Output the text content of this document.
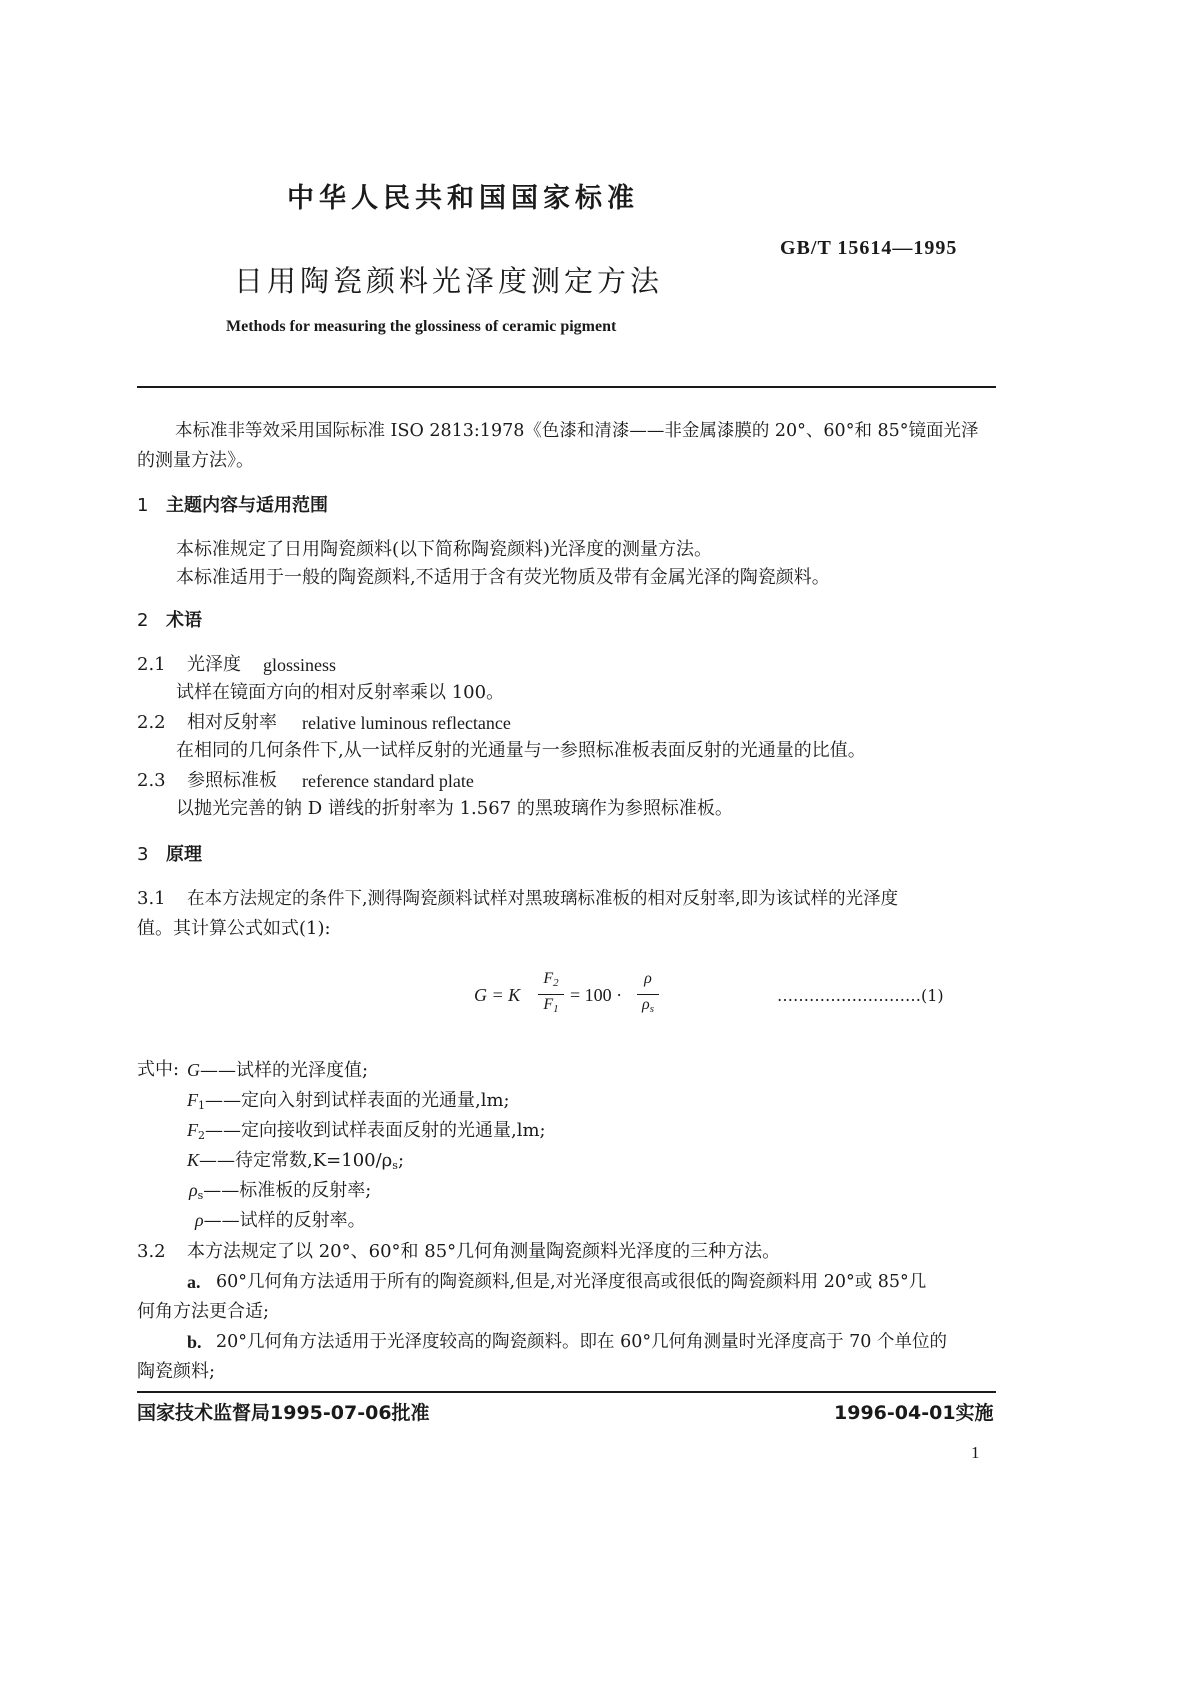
中华人民共和国国家标准
GB/T 15614—1995
日用陶瓷颜料光泽度测定方法
Methods for measuring the glossiness of ceramic pigment
本标准非等效采用国际标准 ISO 2813:1978《色漆和清漆——非金属漆膜的 20°、60°和 85°镜面光泽
的测量方法》。
1 主题内容与适用范围
本标准规定了日用陶瓷颜料(以下简称陶瓷颜料)光泽度的测量方法。
本标准适用于一般的陶瓷颜料,不适用于含有荧光物质及带有金属光泽的陶瓷颜料。
2 术语
2.1 光泽度 glossiness
试样在镜面方向的相对反射率乘以 100。
2.2 相对反射率 relative luminous reflectance
在相同的几何条件下,从一试样反射的光通量与一参照标准板表面反射的光通量的比值。
2.3 参照标准板 reference standard plate
以抛光完善的钠 D 谱线的折射率为 1.567 的黑玻璃作为参照标准板。
3 原理
3.1 在本方法规定的条件下,测得陶瓷颜料试样对黑玻璃标准板的相对反射率,即为该试样的光泽度
值。其计算公式如式(1):
G = K
$F_2$
$F_1$
= 100 ·
ρ
$\rho_s$
………………………(1)
式中: G——试样的光泽度值;
$F_1——$定向入射到试样表面的光通量,lm;
$F_2——$定向接收到试样表面反射的光通量,lm;
K——待定常数$,K=100/\rho_s$;
$\rho_s——$标准板的反射率;
ρ——试样的反射率。
3.2 本方法规定了以 20°、60°和 85°几何角测量陶瓷颜料光泽度的三种方法。
a. 60°几何角方法适用于所有的陶瓷颜料,但是,对光泽度很高或很低的陶瓷颜料用 20°或 85°几
何角方法更合适;
b. 20°几何角方法适用于光泽度较高的陶瓷颜料。即在 60°几何角测量时光泽度高于 70 个单位的
陶瓷颜料;
国家技术监督局1995-07-06批准	1996-04-01实施
1
